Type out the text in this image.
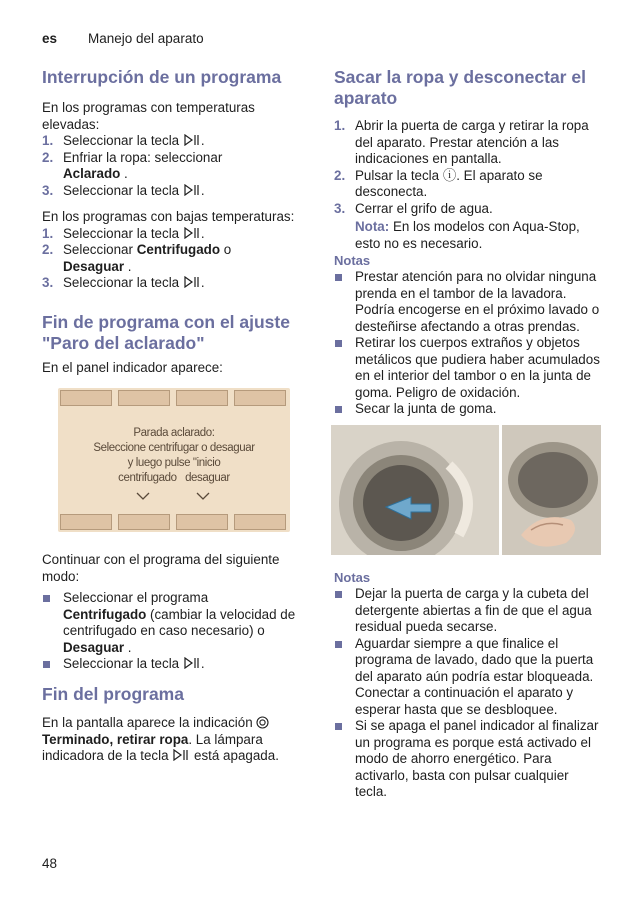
es Manejo del aparato
Interrupción de un programa
En los programas con temperaturas elevadas:
1. Seleccionar la tecla .
2. Enfriar la ropa: seleccionar
Aclarado .
3. Seleccionar la tecla .
En los programas con bajas temperaturas:
1. Seleccionar la tecla .
2. Seleccionar Centrifugado o
Desaguar .
3. Seleccionar la tecla .
Fin de programa con el ajuste
"Paro del aclarado"
En el panel indicador aparece:
Parada aclarado:
Seleccione centrifugar o desaguar
y luego pulse "inicio
centrifugado desaguar
Continuar con el programa del siguiente modo:
Seleccionar el programa
Centrifugado (cambiar la velocidad de centrifugado en caso necesario) o Desaguar .
Seleccionar la tecla .
Fin del programa
En la pantalla aparece la indicación
Terminado, retirar ropa. La lámpara indicadora de la tecla está apagada.
Sacar la ropa y desconectar el
aparato
1. Abrir la puerta de carga y retirar la ropa del aparato. Prestar atención a las indicaciones en pantalla.
2. Pulsar la tecla ⓘ. El aparato se desconecta.
3. Cerrar el grifo de agua.
Nota: En los modelos con Aqua-Stop, esto no es necesario.
Notas
Prestar atención para no olvidar ninguna prenda en el tambor de la lavadora. Podría encogerse en el próximo lavado o desteñirse afectando a otras prendas.
Retirar los cuerpos extraños y objetos metálicos que pudiera haber acumulados en el interior del tambor o en la junta de goma. Peligro de oxidación.
Secar la junta de goma.
Notas
Dejar la puerta de carga y la cubeta del detergente abiertas a fin de que el agua residual pueda secarse.
Aguardar siempre a que finalice el programa de lavado, dado que la puerta del aparato aún podría estar bloqueada. Conectar a continuación el aparato y esperar hasta que se desbloquee.
Si se apaga el panel indicador al finalizar un programa es porque está activado el modo de ahorro energético. Para activarlo, basta con pulsar cualquier tecla.
48
